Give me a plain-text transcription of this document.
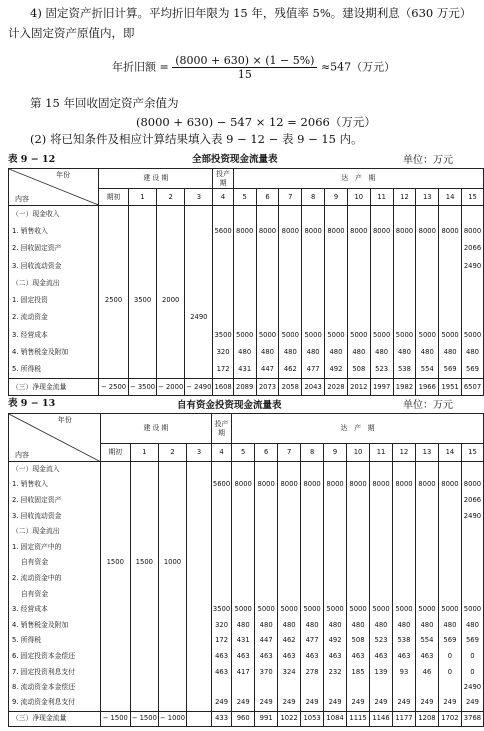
4) 固定资产折旧计算。平均折旧年限为 15 年，残值率 5%。建设期利息（630 万元）
计入固定资产原值内，即
年折旧额 = $\frac{(8000 + 630) \times (1 - 5\%)}{15} \approx 547$（万元）
第 15 年回收固定资产余值为
(8000 + 630) − 547 × 12 = 2066（万元）
(2) 将已知条件及相应计算结果填入表 9 − 12 − 表 9 − 15 内。
表 9 − 12	全部投资现金流量表	单位：万元
年份
内容	建 设 期				投产期	达　产　期										
	期初	1	2	3	4	5	6	7	8	9	10	11	12	13	14	15
（一）现金收入																
1. 销售收入					5600	8000	8000	8000	8000	8000	8000	8000	8000	8000	8000	8000
2. 回收固定资产																2066
3. 回收流动资金																2490
（二）现金流出																
1. 固定投资	2500	3500	2000													
2. 流动资金				2490												
3. 经营成本					3500	5000	5000	5000	5000	5000	5000	5000	5000	5000	5000	5000
4. 销售税金及附加					320	480	480	480	480	480	480	480	480	480	480	480
5. 所得税					172	431	447	462	477	492	508	523	538	554	569	569
（三）净现金流量	− 2500	− 3500	− 2000	− 2490	1608	2089	2073	2058	2043	2028	2012	1997	1982	1966	1951	6507
表 9 − 13	自有资金投资现金流量表	单位：万元
年份
内容	建 设 期				投产期	达　产　期										
	期初	1	2	3	4	5	6	7	8	9	10	11	12	13	14	15
（一）现金流入																
1. 销售收入					5600	8000	8000	8000	8000	8000	8000	8000	8000	8000	8000	8000
2. 回收固定资产																2066
3. 回收流动资金																2490
（二）现金流出																
1. 固定资产中的																
　 自有资金	1500	1500	1000													
2. 流动资金中的																
　 自有资金																
3. 经营成本					3500	5000	5000	5000	5000	5000	5000	5000	5000	5000	5000	5000
4. 销售税金及附加					320	480	480	480	480	480	480	480	480	480	480	480
5. 所得税					172	431	447	462	477	492	508	523	538	554	569	569
6. 固定投资本金偿还					463	463	463	463	463	463	463	463	463	463	0	0
7. 固定投资利息支付					463	417	370	324	278	232	185	139	93	46	0	0
8. 流动资金本金偿还																2490
9. 流动资金利息支付					249	249	249	249	249	249	249	249	249	249	249	249
（三）净现金流量	− 1500	− 1500	− 1000		433	960	991	1022	1053	1084	1115	1146	1177	1208	1702	3768
